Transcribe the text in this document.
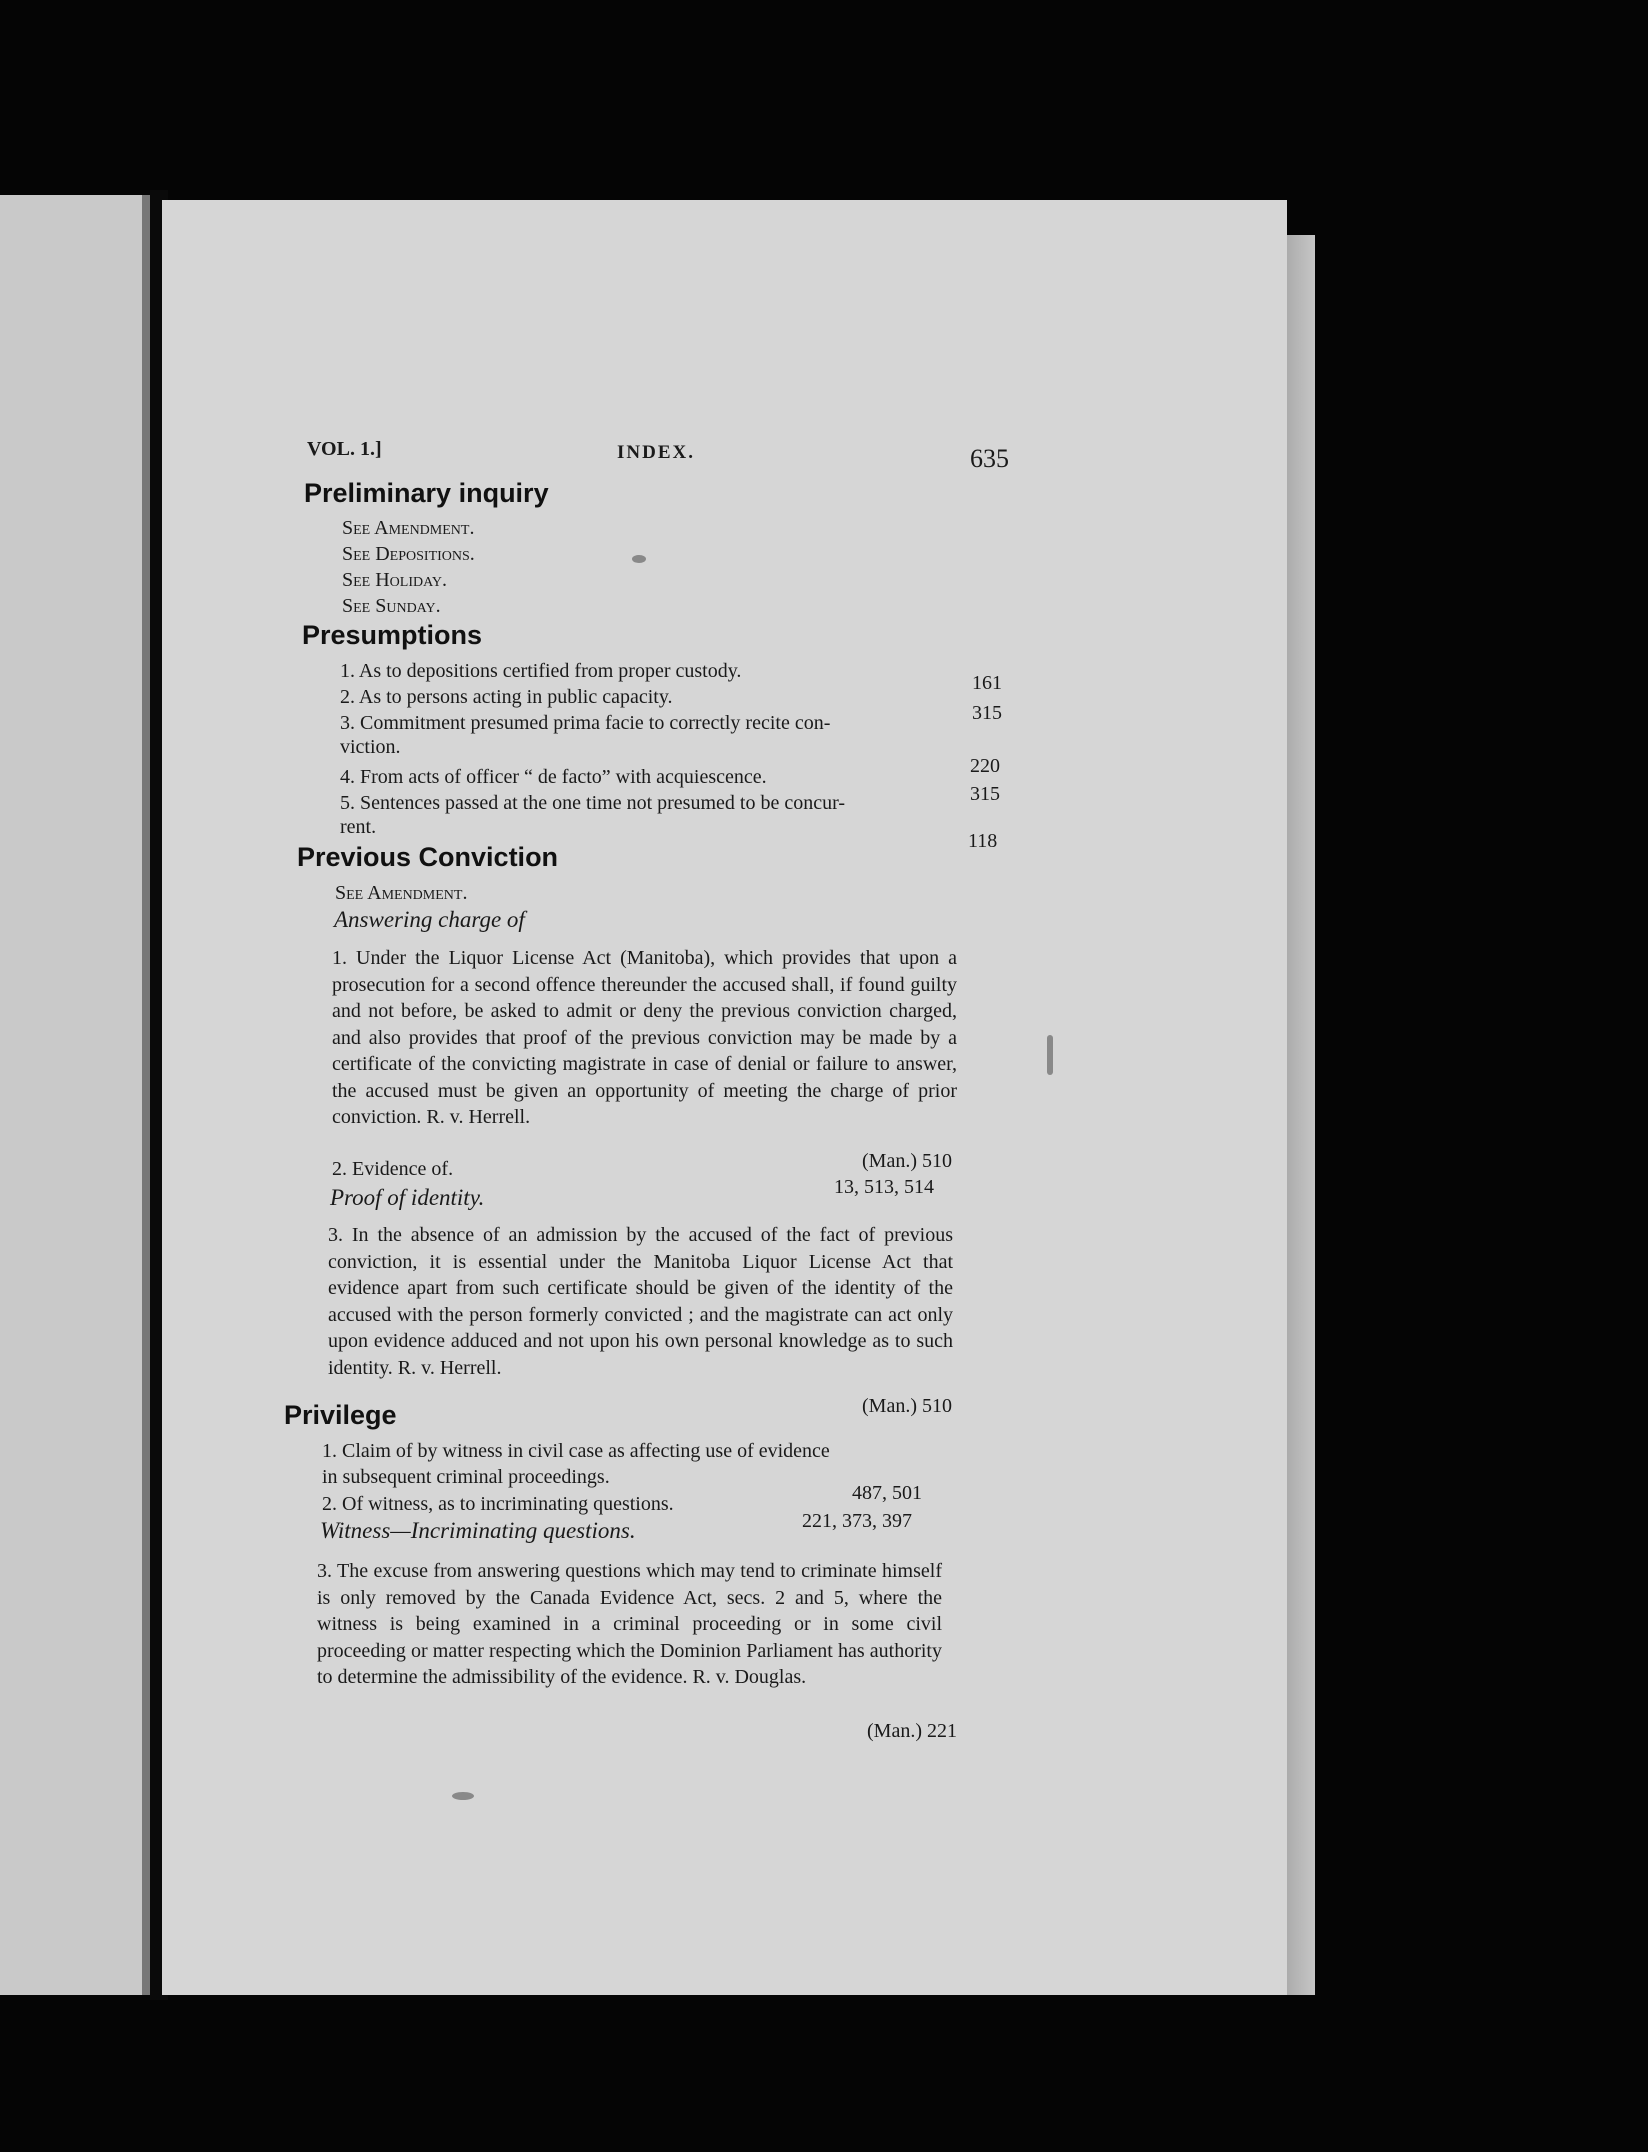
VOL. 1.]	INDEX.	635
Preliminary inquiry
See Amendment.
See Depositions.
See Holiday.
See Sunday.
Presumptions
1. As to depositions certified from proper custody.
161
2. As to persons acting in public capacity.
315
3. Commitment presumed prima facie to correctly recite con-
viction.
220
4. From acts of officer “ de facto” with acquiescence.
315
5. Sentences passed at the one time not presumed to be concur-
rent.
118
Previous Conviction
See Amendment.
Answering charge of
1. Under the Liquor License Act (Manitoba), which provides that upon a prosecution for a second offence thereunder the accused shall, if found guilty and not before, be asked to admit or deny the previous conviction charged, and also provides that proof of the previous conviction may be made by a certificate of the convicting magistrate in case of denial or failure to answer, the accused must be given an opportunity of meeting the charge of prior conviction. R. v. Herrell.
(Man.) 510
2. Evidence of.
13, 513, 514
Proof of identity.
3. In the absence of an admission by the accused of the fact of previous conviction, it is essential under the Manitoba Liquor License Act that evidence apart from such certificate should be given of the identity of the accused with the person formerly convicted ; and the magistrate can act only upon evidence adduced and not upon his own personal knowledge as to such identity. R. v. Herrell.
(Man.) 510
Privilege
1. Claim of by witness in civil case as affecting use of evidence
in subsequent criminal proceedings.
487, 501
2. Of witness, as to incriminating questions.
221, 373, 397
Witness—Incriminating questions.
3. The excuse from answering questions which may tend to criminate himself is only removed by the Canada Evidence Act, secs. 2 and 5, where the witness is being examined in a criminal proceeding or in some civil proceeding or matter respecting which the Dominion Parliament has authority to determine the admissibility of the evidence. R. v. Douglas.
(Man.) 221
